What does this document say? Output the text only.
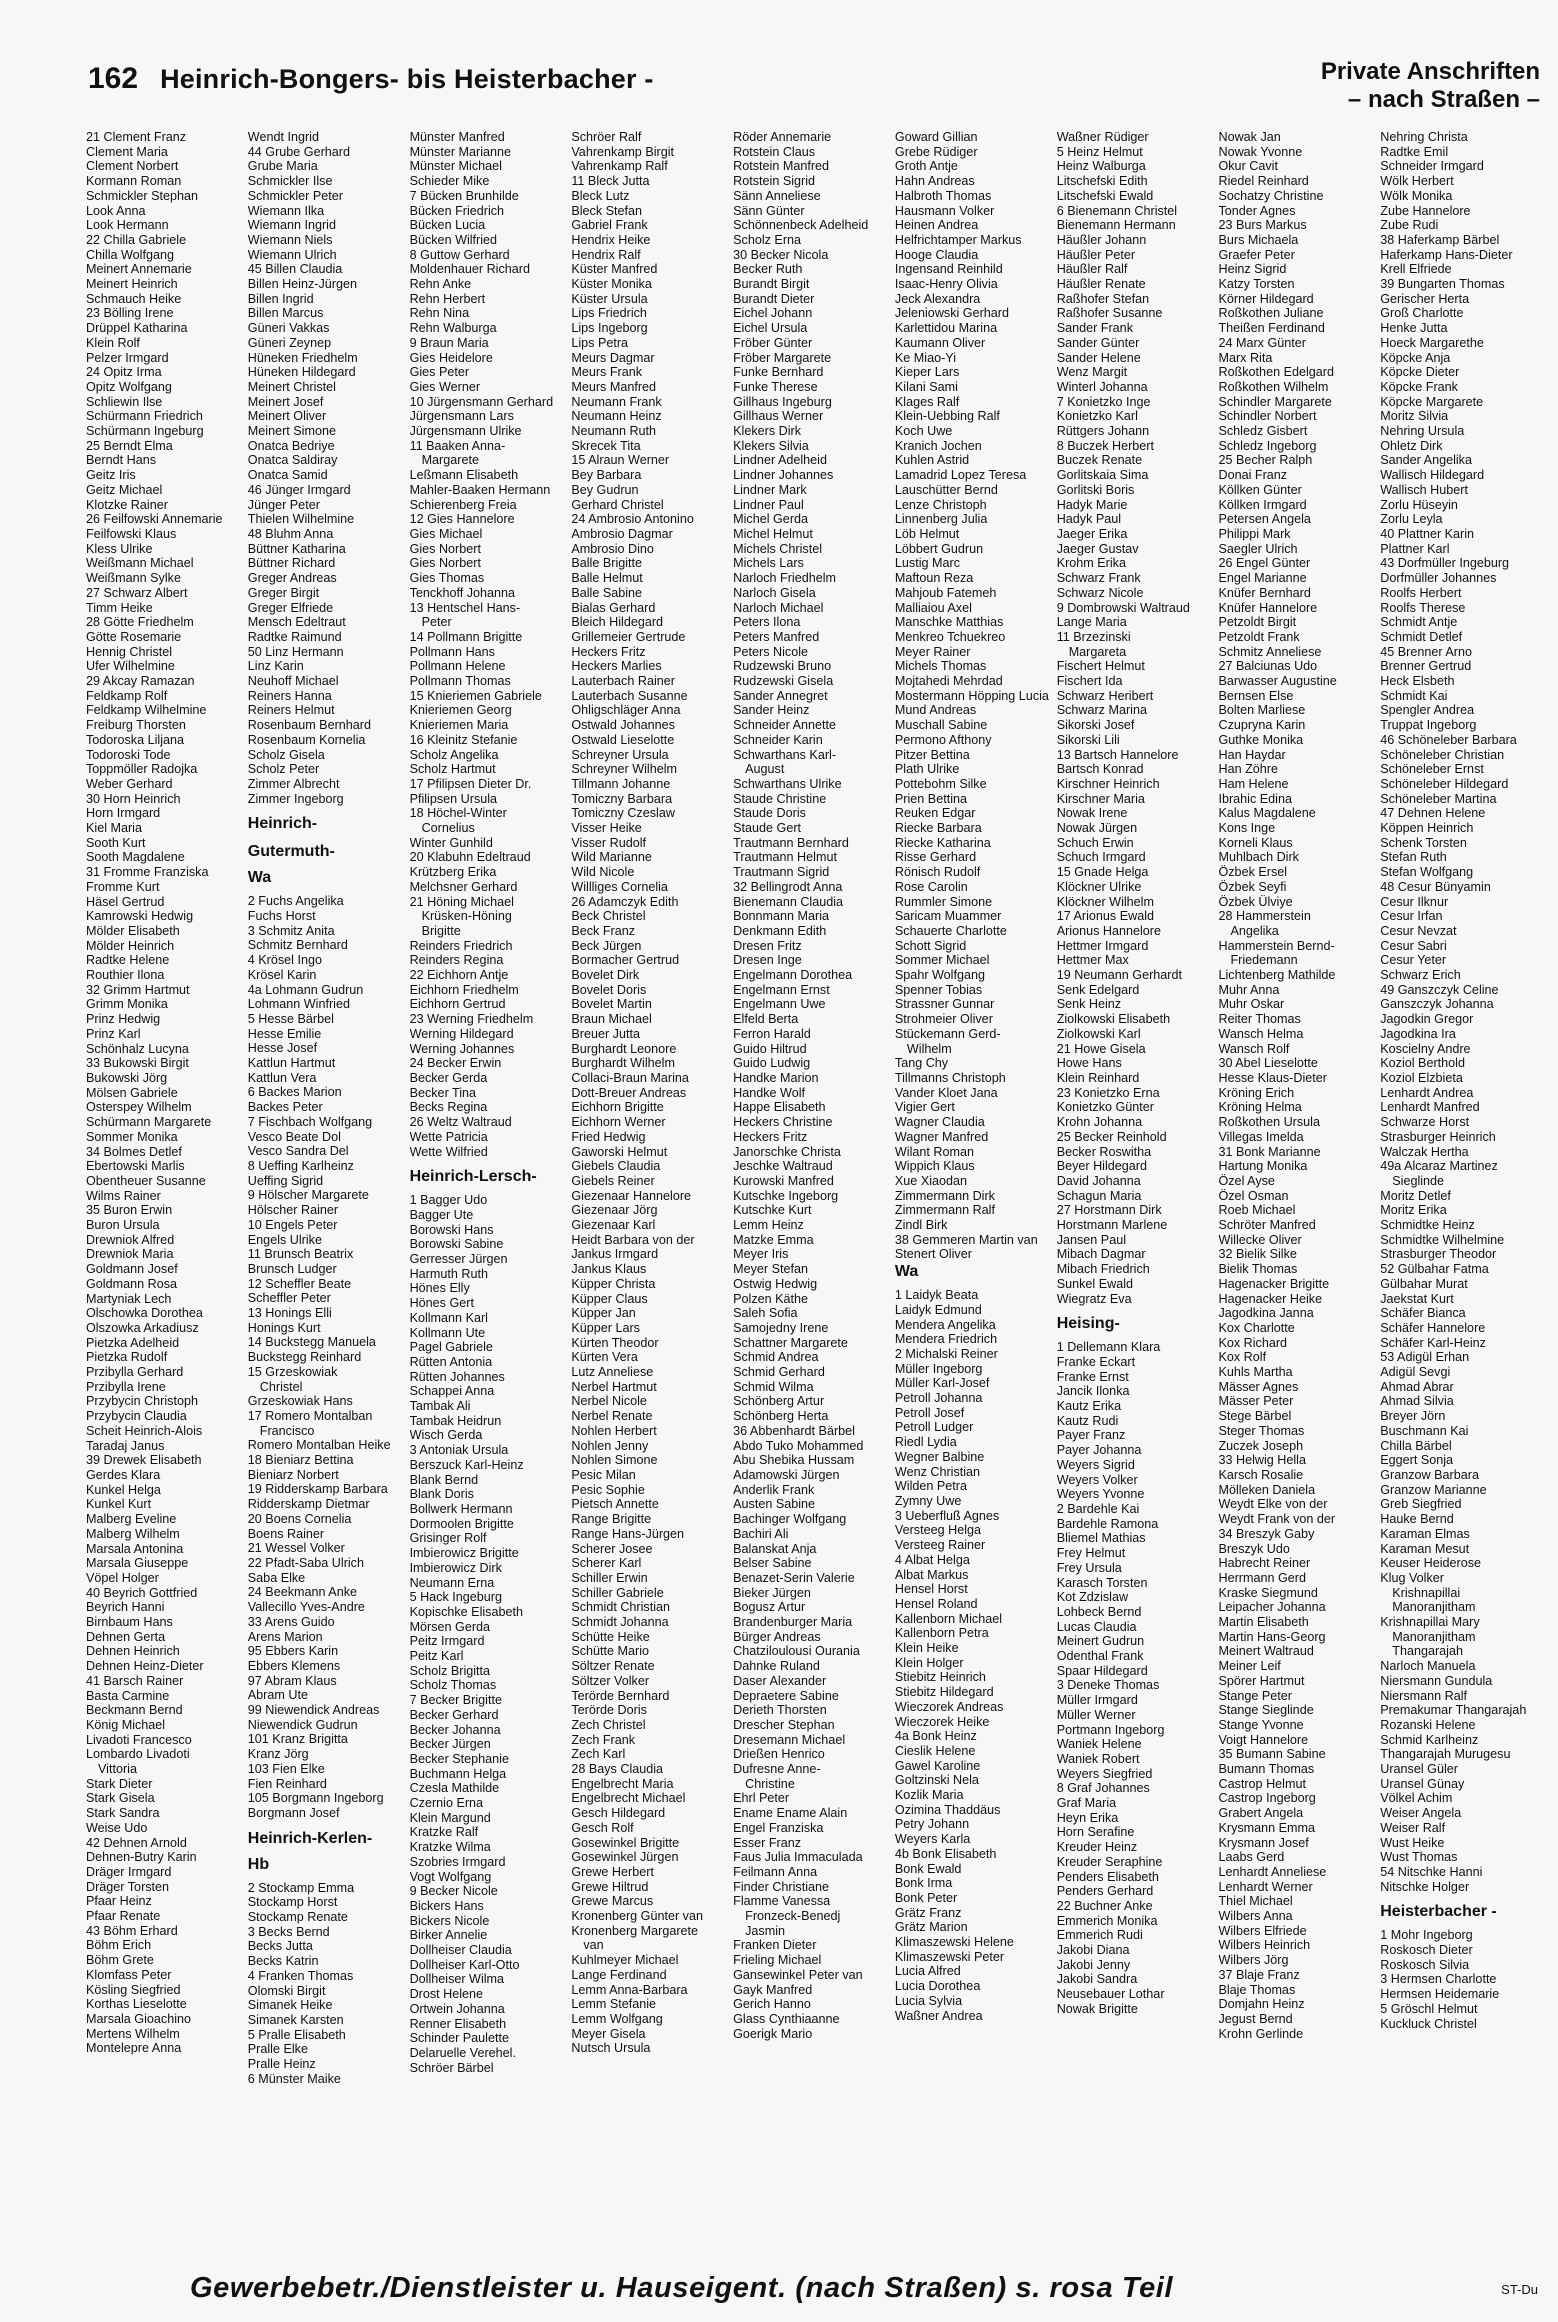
162 Heinrich-Bongers- bis Heisterbacher -	Private Anschriften
– nach Straßen –
21 Clement Franz
Clement Maria
Clement Norbert
Kormann Roman
Schmickler Stephan
Look Anna
Look Hermann
22 Chilla Gabriele
Chilla Wolfgang
Meinert Annemarie
Meinert Heinrich
Schmauch Heike
23 Bölling Irene
Drüppel Katharina
Klein Rolf
Pelzer Irmgard
24 Opitz Irma
Opitz Wolfgang
Schliewin Ilse
Schürmann Friedrich
Schürmann Ingeburg
25 Berndt Elma
Berndt Hans
Geitz Iris
Geitz Michael
Klotzke Rainer
26 Feilfowski Annemarie
Feilfowski Klaus
Kless Ulrike
Weißmann Michael
Weißmann Sylke
27 Schwarz Albert
Timm Heike
28 Götte Friedhelm
Götte Rosemarie
Hennig Christel
Ufer Wilhelmine
29 Akcay Ramazan
Feldkamp Rolf
Feldkamp Wilhelmine
Freiburg Thorsten
Todoroska Liljana
Todoroski Tode
Toppmöller Radojka
Weber Gerhard
30 Horn Heinrich
Horn Irmgard
Kiel Maria
Sooth Kurt
Sooth Magdalene
31 Fromme Franziska
Fromme Kurt
Häsel Gertrud
Kamrowski Hedwig
Mölder Elisabeth
Mölder Heinrich
Radtke Helene
Routhier Ilona
32 Grimm Hartmut
Grimm Monika
Prinz Hedwig
Prinz Karl
Schönhalz Lucyna
33 Bukowski Birgit
Bukowski Jörg
Mölsen Gabriele
Osterspey Wilhelm
Schürmann Margarete
Sommer Monika
34 Bolmes Detlef
Ebertowski Marlis
Obentheuer Susanne
Wilms Rainer
35 Buron Erwin
Buron Ursula
Drewniok Alfred
Drewniok Maria
Goldmann Josef
Goldmann Rosa
Martyniak Lech
Olschowka Dorothea
Olszowka Arkadiusz
Pietzka Adelheid
Pietzka Rudolf
Przibylla Gerhard
Przibylla Irene
Przybycin Christoph
Przybycin Claudia
Scheit Heinrich-Alois
Taradaj Janus
39 Drewek Elisabeth
Gerdes Klara
Kunkel Helga
Kunkel Kurt
Malberg Eveline
Malberg Wilhelm
Marsala Antonina
Marsala Giuseppe
Vöpel Holger
40 Beyrich Gottfried
Beyrich Hanni
Birnbaum Hans
Dehnen Gerta
Dehnen Heinrich
Dehnen Heinz-Dieter
41 Barsch Rainer
Basta Carmine
Beckmann Bernd
König Michael
Livadoti Francesco
Lombardo Livadoti
Vittoria
Stark Dieter
Stark Gisela
Stark Sandra
Weise Udo
42 Dehnen Arnold
Dehnen-Butry Karin
Dräger Irmgard
Dräger Torsten
Pfaar Heinz
Pfaar Renate
43 Böhm Erhard
Böhm Erich
Böhm Grete
Klomfass Peter
Kösling Siegfried
Korthas Lieselotte
Marsala Gioachino
Mertens Wilhelm
Montelepre Anna
Wendt Ingrid
44 Grube Gerhard
Grube Maria
Schmickler Ilse
Schmickler Peter
Wiemann Ilka
Wiemann Ingrid
Wiemann Niels
Wiemann Ulrich
45 Billen Claudia
Billen Heinz-Jürgen
Billen Ingrid
Billen Marcus
Güneri Vakkas
Güneri Zeynep
Hüneken Friedhelm
Hüneken Hildegard
Meinert Christel
Meinert Josef
Meinert Oliver
Meinert Simone
Onatca Bedriye
Onatca Saldiray
Onatca Samid
46 Jünger Irmgard
Jünger Peter
Thielen Wilhelmine
48 Bluhm Anna
Büttner Katharina
Büttner Richard
Greger Andreas
Greger Birgit
Greger Elfriede
Mensch Edeltraut
Radtke Raimund
50 Linz Hermann
Linz Karin
Neuhoff Michael
Reiners Hanna
Reiners Helmut
Rosenbaum Bernhard
Rosenbaum Kornelia
Scholz Gisela
Scholz Peter
Zimmer Albrecht
Zimmer Ingeborg
Heinrich-
Gutermuth-
Wa
2 Fuchs Angelika
Fuchs Horst
3 Schmitz Anita
Schmitz Bernhard
4 Krösel Ingo
Krösel Karin
4a Lohmann Gudrun
Lohmann Winfried
5 Hesse Bärbel
Hesse Emilie
Hesse Josef
Kattlun Hartmut
Kattlun Vera
6 Backes Marion
Backes Peter
7 Fischbach Wolfgang
Vesco Beate Dol
Vesco Sandra Del
8 Ueffing Karlheinz
Ueffing Sigrid
9 Hölscher Margarete
Hölscher Rainer
10 Engels Peter
Engels Ulrike
11 Brunsch Beatrix
Brunsch Ludger
12 Scheffler Beate
Scheffler Peter
13 Honings Elli
Honings Kurt
14 Buckstegg Manuela
Buckstegg Reinhard
15 Grzeskowiak
Christel
Grzeskowiak Hans
17 Romero Montalban
Francisco
Romero Montalban Heike
18 Bieniarz Bettina
Bieniarz Norbert
19 Ridderskamp Barbara
Ridderskamp Dietmar
20 Boens Cornelia
Boens Rainer
21 Wessel Volker
22 Pfadt-Saba Ulrich
Saba Elke
24 Beekmann Anke
Vallecillo Yves-Andre
33 Arens Guido
Arens Marion
95 Ebbers Karin
Ebbers Klemens
97 Abram Klaus
Abram Ute
99 Niewendick Andreas
Niewendick Gudrun
101 Kranz Brigitta
Kranz Jörg
103 Fien Elke
Fien Reinhard
105 Borgmann Ingeborg
Borgmann Josef
Heinrich-Kerlen-
Hb
2 Stockamp Emma
Stockamp Horst
Stockamp Renate
3 Becks Bernd
Becks Jutta
Becks Katrin
4 Franken Thomas
Olomski Birgit
Simanek Heike
Simanek Karsten
5 Pralle Elisabeth
Pralle Elke
Pralle Heinz
6 Münster Maike
Münster Manfred
Münster Marianne
Münster Michael
Schieder Mike
7 Bücken Brunhilde
Bücken Friedrich
Bücken Lucia
Bücken Wilfried
8 Guttow Gerhard
Moldenhauer Richard
Rehn Anke
Rehn Herbert
Rehn Nina
Rehn Walburga
9 Braun Maria
Gies Heidelore
Gies Peter
Gies Werner
10 Jürgensmann Gerhard
Jürgensmann Lars
Jürgensmann Ulrike
11 Baaken Anna-
Margarete
Leßmann Elisabeth
Mahler-Baaken Hermann
Schierenberg Freia
12 Gies Hannelore
Gies Michael
Gies Norbert
Gies Norbert
Gies Thomas
Tenckhoff Johanna
13 Hentschel Hans-
Peter
14 Pollmann Brigitte
Pollmann Hans
Pollmann Helene
Pollmann Thomas
15 Knieriemen Gabriele
Knieriemen Georg
Knieriemen Maria
16 Kleinitz Stefanie
Scholz Angelika
Scholz Hartmut
17 Pfilipsen Dieter Dr.
Pfilipsen Ursula
18 Höchel-Winter
Cornelius
Winter Gunhild
20 Klabuhn Edeltraud
Krützberg Erika
Melchsner Gerhard
21 Höning Michael
Krüsken-Höning
Brigitte
Reinders Friedrich
Reinders Regina
22 Eichhorn Antje
Eichhorn Friedhelm
Eichhorn Gertrud
23 Werning Friedhelm
Werning Hildegard
Werning Johannes
24 Becker Erwin
Becker Gerda
Becker Tina
Becks Regina
26 Weltz Waltraud
Wette Patricia
Wette Wilfried
Heinrich-Lersch-
1 Bagger Udo
Bagger Ute
Borowski Hans
Borowski Sabine
Gerresser Jürgen
Harmuth Ruth
Hönes Elly
Hönes Gert
Kollmann Karl
Kollmann Ute
Pagel Gabriele
Rütten Antonia
Rütten Johannes
Schappei Anna
Tambak Ali
Tambak Heidrun
Wisch Gerda
3 Antoniak Ursula
Berszuck Karl-Heinz
Blank Bernd
Blank Doris
Bollwerk Hermann
Dormoolen Brigitte
Grisinger Rolf
Imbierowicz Brigitte
Imbierowicz Dirk
Neumann Erna
5 Hack Ingeburg
Kopischke Elisabeth
Mörsen Gerda
Peitz Irmgard
Peitz Karl
Scholz Brigitta
Scholz Thomas
7 Becker Brigitte
Becker Gerhard
Becker Johanna
Becker Jürgen
Becker Stephanie
Buchmann Helga
Czesla Mathilde
Czernio Erna
Klein Margund
Kratzke Ralf
Kratzke Wilma
Szobries Irmgard
Vogt Wolfgang
9 Becker Nicole
Bickers Hans
Bickers Nicole
Birker Annelie
Dollheiser Claudia
Dollheiser Karl-Otto
Dollheiser Wilma
Drost Helene
Ortwein Johanna
Renner Elisabeth
Schinder Paulette
Delaruelle Verehel.
Schröer Bärbel
Schröer Ralf
Vahrenkamp Birgit
Vahrenkamp Ralf
11 Bleck Jutta
Bleck Lutz
Bleck Stefan
Gabriel Frank
Hendrix Heike
Hendrix Ralf
Küster Manfred
Küster Monika
Küster Ursula
Lips Friedrich
Lips Ingeborg
Lips Petra
Meurs Dagmar
Meurs Frank
Meurs Manfred
Neumann Frank
Neumann Heinz
Neumann Ruth
Skrecek Tita
15 Alraun Werner
Bey Barbara
Bey Gudrun
Gerhard Christel
24 Ambrosio Antonino
Ambrosio Dagmar
Ambrosio Dino
Balle Brigitte
Balle Helmut
Balle Sabine
Bialas Gerhard
Bleich Hildegard
Grillemeier Gertrude
Heckers Fritz
Heckers Marlies
Lauterbach Rainer
Lauterbach Susanne
Ohligschläger Anna
Ostwald Johannes
Ostwald Lieselotte
Schreyner Ursula
Schreyner Wilhelm
Tillmann Johanne
Tomiczny Barbara
Tomiczny Czeslaw
Visser Heike
Visser Rudolf
Wild Marianne
Wild Nicole
Willliges Cornelia
26 Adamczyk Edith
Beck Christel
Beck Franz
Beck Jürgen
Bormacher Gertrud
Bovelet Dirk
Bovelet Doris
Bovelet Martin
Braun Michael
Breuer Jutta
Burghardt Leonore
Burghardt Wilhelm
Collaci-Braun Marina
Dott-Breuer Andreas
Eichhorn Brigitte
Eichhorn Werner
Fried Hedwig
Gaworski Helmut
Giebels Claudia
Giebels Reiner
Giezenaar Hannelore
Giezenaar Jörg
Giezenaar Karl
Heidt Barbara von der
Jankus Irmgard
Jankus Klaus
Küpper Christa
Küpper Claus
Küpper Jan
Küpper Lars
Kürten Theodor
Kürten Vera
Lutz Anneliese
Nerbel Hartmut
Nerbel Nicole
Nerbel Renate
Nohlen Herbert
Nohlen Jenny
Nohlen Simone
Pesic Milan
Pesic Sophie
Pietsch Annette
Range Brigitte
Range Hans-Jürgen
Scherer Josee
Scherer Karl
Schiller Erwin
Schiller Gabriele
Schmidt Christian
Schmidt Johanna
Schütte Heike
Schütte Mario
Söltzer Renate
Söltzer Volker
Terörde Bernhard
Terörde Doris
Zech Christel
Zech Frank
Zech Karl
28 Bays Claudia
Engelbrecht Maria
Engelbrecht Michael
Gesch Hildegard
Gesch Rolf
Gosewinkel Brigitte
Gosewinkel Jürgen
Grewe Herbert
Grewe Hiltrud
Grewe Marcus
Kronenberg Günter van
Kronenberg Margarete
van
Kuhlmeyer Michael
Lange Ferdinand
Lemm Anna-Barbara
Lemm Stefanie
Lemm Wolfgang
Meyer Gisela
Nutsch Ursula
Röder Annemarie
Rotstein Claus
Rotstein Manfred
Rotstein Sigrid
Sänn Anneliese
Sänn Günter
Schönnenbeck Adelheid
Scholz Erna
30 Becker Nicola
Becker Ruth
Burandt Birgit
Burandt Dieter
Eichel Johann
Eichel Ursula
Fröber Günter
Fröber Margarete
Funke Bernhard
Funke Therese
Gillhaus Ingeburg
Gillhaus Werner
Klekers Dirk
Klekers Silvia
Lindner Adelheid
Lindner Johannes
Lindner Mark
Lindner Paul
Michel Gerda
Michel Helmut
Michels Christel
Michels Lars
Narloch Friedhelm
Narloch Gisela
Narloch Michael
Peters Ilona
Peters Manfred
Peters Nicole
Rudzewski Bruno
Rudzewski Gisela
Sander Annegret
Sander Heinz
Schneider Annette
Schneider Karin
Schwarthans Karl-
August
Schwarthans Ulrike
Staude Christine
Staude Doris
Staude Gert
Trautmann Bernhard
Trautmann Helmut
Trautmann Sigrid
32 Bellingrodt Anna
Bienemann Claudia
Bonnmann Maria
Denkmann Edith
Dresen Fritz
Dresen Inge
Engelmann Dorothea
Engelmann Ernst
Engelmann Uwe
Elfeld Berta
Ferron Harald
Guido Hiltrud
Guido Ludwig
Handke Marion
Handke Wolf
Happe Elisabeth
Heckers Christine
Heckers Fritz
Janorschke Christa
Jeschke Waltraud
Kurowski Manfred
Kutschke Ingeborg
Kutschke Kurt
Lemm Heinz
Matzke Emma
Meyer Iris
Meyer Stefan
Ostwig Hedwig
Polzen Käthe
Saleh Sofia
Samojedny Irene
Schattner Margarete
Schmid Andrea
Schmid Gerhard
Schmid Wilma
Schönberg Artur
Schönberg Herta
36 Abbenhardt Bärbel
Abdo Tuko Mohammed
Abu Shebika Hussam
Adamowski Jürgen
Anderlik Frank
Austen Sabine
Bachinger Wolfgang
Bachiri Ali
Balanskat Anja
Belser Sabine
Benazet-Serin Valerie
Bieker Jürgen
Bogusz Artur
Brandenburger Maria
Bürger Andreas
Chatziloulousi Ourania
Dahnke Ruland
Daser Alexander
Depraetere Sabine
Derieth Thorsten
Drescher Stephan
Dresemann Michael
Drießen Henrico
Dufresne Anne-
Christine
Ehrl Peter
Ename Ename Alain
Engel Franziska
Esser Franz
Faus Julia Immaculada
Feilmann Anna
Finder Christiane
Flamme Vanessa
Fronzeck-Benedj
Jasmin
Franken Dieter
Frieling Michael
Gansewinkel Peter van
Gayk Manfred
Gerich Hanno
Glass Cynthiaanne
Goerigk Mario
Goward Gillian
Grebe Rüdiger
Groth Antje
Hahn Andreas
Halbroth Thomas
Hausmann Volker
Heinen Andrea
Helfrichtamper Markus
Hooge Claudia
Ingensand Reinhild
Isaac-Henry Olivia
Jeck Alexandra
Jeleniowski Gerhard
Karlettidou Marina
Kaumann Oliver
Ke Miao-Yi
Kieper Lars
Kilani Sami
Klages Ralf
Klein-Uebbing Ralf
Koch Uwe
Kranich Jochen
Kuhlen Astrid
Lamadrid Lopez Teresa
Lauschütter Bernd
Lenze Christoph
Linnenberg Julia
Löb Helmut
Löbbert Gudrun
Lustig Marc
Maftoun Reza
Mahjoub Fatemeh
Malliaiou Axel
Manschke Matthias
Menkreo Tchuekreo
Meyer Rainer
Michels Thomas
Mojtahedi Mehrdad
Mostermann Höpping Lucia
Mund Andreas
Muschall Sabine
Permono Afthony
Pitzer Bettina
Plath Ulrike
Pottebohm Silke
Prien Bettina
Reuken Edgar
Riecke Barbara
Riecke Katharina
Risse Gerhard
Rönisch Rudolf
Rose Carolin
Rummler Simone
Saricam Muammer
Schauerte Charlotte
Schott Sigrid
Sommer Michael
Spahr Wolfgang
Spenner Tobias
Strassner Gunnar
Strohmeier Oliver
Stückemann Gerd-
Wilhelm
Tang Chy
Tillmanns Christoph
Vander Kloet Jana
Vigier Gert
Wagner Claudia
Wagner Manfred
Wilant Roman
Wippich Klaus
Xue Xiaodan
Zimmermann Dirk
Zimmermann Ralf
Zindl Birk
38 Gemmeren Martin van
Stenert Oliver
Wa
1 Laidyk Beata
Laidyk Edmund
Mendera Angelika
Mendera Friedrich
2 Michalski Reiner
Müller Ingeborg
Müller Karl-Josef
Petroll Johanna
Petroll Josef
Petroll Ludger
Riedl Lydia
Wegner Balbine
Wenz Christian
Wilden Petra
Zymny Uwe
3 Ueberfluß Agnes
Versteeg Helga
Versteeg Rainer
4 Albat Helga
Albat Markus
Hensel Horst
Hensel Roland
Kallenborn Michael
Kallenborn Petra
Klein Heike
Klein Holger
Stiebitz Heinrich
Stiebitz Hildegard
Wieczorek Andreas
Wieczorek Heike
4a Bonk Heinz
Cieslik Helene
Gawel Karoline
Goltzinski Nela
Kozlik Maria
Ozimina Thaddäus
Petry Johann
Weyers Karla
4b Bonk Elisabeth
Bonk Ewald
Bonk Irma
Bonk Peter
Grätz Franz
Grätz Marion
Klimaszewski Helene
Klimaszewski Peter
Lucia Alfred
Lucia Dorothea
Lucia Sylvia
Waßner Andrea
Waßner Rüdiger
5 Heinz Helmut
Heinz Walburga
Litschefski Edith
Litschefski Ewald
6 Bienemann Christel
Bienemann Hermann
Häußler Johann
Häußler Peter
Häußler Ralf
Häußler Renate
Raßhofer Stefan
Raßhofer Susanne
Sander Frank
Sander Günter
Sander Helene
Wenz Margit
Winterl Johanna
7 Konietzko Inge
Konietzko Karl
Rüttgers Johann
8 Buczek Herbert
Buczek Renate
Gorlitskaia Sima
Gorlitski Boris
Hadyk Marie
Hadyk Paul
Jaeger Erika
Jaeger Gustav
Krohm Erika
Schwarz Frank
Schwarz Nicole
9 Dombrowski Waltraud
Lange Maria
11 Brzezinski
Margareta
Fischert Helmut
Fischert Ida
Schwarz Heribert
Schwarz Marina
Sikorski Josef
Sikorski Lili
13 Bartsch Hannelore
Bartsch Konrad
Kirschner Heinrich
Kirschner Maria
Nowak Irene
Nowak Jürgen
Schuch Erwin
Schuch Irmgard
15 Gnade Helga
Klöckner Ulrike
Klöckner Wilhelm
17 Arionus Ewald
Arionus Hannelore
Hettmer Irmgard
Hettmer Max
19 Neumann Gerhardt
Senk Edelgard
Senk Heinz
Ziolkowski Elisabeth
Ziolkowski Karl
21 Howe Gisela
Howe Hans
Klein Reinhard
23 Konietzko Erna
Konietzko Günter
Krohn Johanna
25 Becker Reinhold
Becker Roswitha
Beyer Hildegard
David Johanna
Schagun Maria
27 Horstmann Dirk
Horstmann Marlene
Jansen Paul
Mibach Dagmar
Mibach Friedrich
Sunkel Ewald
Wiegratz Eva
Heising-
1 Dellemann Klara
Franke Eckart
Franke Ernst
Jancik Ilonka
Kautz Erika
Kautz Rudi
Payer Franz
Payer Johanna
Weyers Sigrid
Weyers Volker
Weyers Yvonne
2 Bardehle Kai
Bardehle Ramona
Bliemel Mathias
Frey Helmut
Frey Ursula
Karasch Torsten
Kot Zdzislaw
Lohbeck Bernd
Lucas Claudia
Meinert Gudrun
Odenthal Frank
Spaar Hildegard
3 Deneke Thomas
Müller Irmgard
Müller Werner
Portmann Ingeborg
Waniek Helene
Waniek Robert
Weyers Siegfried
8 Graf Johannes
Graf Maria
Heyn Erika
Horn Serafine
Kreuder Heinz
Kreuder Seraphine
Penders Elisabeth
Penders Gerhard
22 Buchner Anke
Emmerich Monika
Emmerich Rudi
Jakobi Diana
Jakobi Jenny
Jakobi Sandra
Neusebauer Lothar
Nowak Brigitte
Nowak Jan
Nowak Yvonne
Okur Cavit
Riedel Reinhard
Sochatzy Christine
Tonder Agnes
23 Burs Markus
Burs Michaela
Graefer Peter
Heinz Sigrid
Katzy Torsten
Körner Hildegard
Roßkothen Juliane
Theißen Ferdinand
24 Marx Günter
Marx Rita
Roßkothen Edelgard
Roßkothen Wilhelm
Schindler Margarete
Schindler Norbert
Schledz Gisbert
Schledz Ingeborg
25 Becher Ralph
Donai Franz
Köllken Günter
Köllken Irmgard
Petersen Angela
Philippi Mark
Saegler Ulrich
26 Engel Günter
Engel Marianne
Knüfer Bernhard
Knüfer Hannelore
Petzoldt Birgit
Petzoldt Frank
Schmitz Anneliese
27 Balciunas Udo
Barwasser Augustine
Bernsen Else
Bolten Marliese
Czupryna Karin
Guthke Monika
Han Haydar
Han Zöhre
Ham Helene
Ibrahic Edina
Kalus Magdalene
Kons Inge
Korneli Klaus
Muhlbach Dirk
Özbek Ersel
Özbek Seyfi
Özbek Ülviye
28 Hammerstein
Angelika
Hammerstein Bernd-
Friedemann
Lichtenberg Mathilde
Muhr Anna
Muhr Oskar
Reiter Thomas
Wansch Helma
Wansch Rolf
30 Abel Lieselotte
Hesse Klaus-Dieter
Kröning Erich
Kröning Helma
Roßkothen Ursula
Villegas Imelda
31 Bonk Marianne
Hartung Monika
Özel Ayse
Özel Osman
Roeb Michael
Schröter Manfred
Willecke Oliver
32 Bielik Silke
Bielik Thomas
Hagenacker Brigitte
Hagenacker Heike
Jagodkina Janna
Kox Charlotte
Kox Richard
Kox Rolf
Kuhls Martha
Mässer Agnes
Mässer Peter
Stege Bärbel
Steger Thomas
Zuczek Joseph
33 Helwig Hella
Karsch Rosalie
Mölleken Daniela
Weydt Elke von der
Weydt Frank von der
34 Breszyk Gaby
Breszyk Udo
Habrecht Reiner
Herrmann Gerd
Kraske Siegmund
Leipacher Johanna
Martin Elisabeth
Martin Hans-Georg
Meinert Waltraud
Meiner Leif
Spörer Hartmut
Stange Peter
Stange Sieglinde
Stange Yvonne
Voigt Hannelore
35 Bumann Sabine
Bumann Thomas
Castrop Helmut
Castrop Ingeborg
Grabert Angela
Krysmann Emma
Krysmann Josef
Laabs Gerd
Lenhardt Anneliese
Lenhardt Werner
Thiel Michael
Wilbers Anna
Wilbers Elfriede
Wilbers Heinrich
Wilbers Jörg
37 Blaje Franz
Blaje Thomas
Domjahn Heinz
Jegust Bernd
Krohn Gerlinde
Nehring Christa
Radtke Emil
Schneider Irmgard
Wölk Herbert
Wölk Monika
Zube Hannelore
Zube Rudi
38 Haferkamp Bärbel
Haferkamp Hans-Dieter
Krell Elfriede
39 Bungarten Thomas
Gerischer Herta
Groß Charlotte
Henke Jutta
Hoeck Margarethe
Köpcke Anja
Köpcke Dieter
Köpcke Frank
Köpcke Margarete
Moritz Silvia
Nehring Ursula
Ohletz Dirk
Sander Angelika
Wallisch Hildegard
Wallisch Hubert
Zorlu Hüseyin
Zorlu Leyla
40 Plattner Karin
Plattner Karl
43 Dorfmüller Ingeburg
Dorfmüller Johannes
Roolfs Herbert
Roolfs Therese
Schmidt Antje
Schmidt Detlef
45 Brenner Arno
Brenner Gertrud
Heck Elsbeth
Schmidt Kai
Spengler Andrea
Truppat Ingeborg
46 Schöneleber Barbara
Schöneleber Christian
Schöneleber Ernst
Schöneleber Hildegard
Schöneleber Martina
47 Dehnen Helene
Köppen Heinrich
Schenk Torsten
Stefan Ruth
Stefan Wolfgang
48 Cesur Bünyamin
Cesur Ilknur
Cesur Irfan
Cesur Nevzat
Cesur Sabri
Cesur Yeter
Schwarz Erich
49 Ganszczyk Celine
Ganszczyk Johanna
Jagodkin Gregor
Jagodkina Ira
Koscielny Andre
Koziol Berthold
Koziol Elzbieta
Lenhardt Andrea
Lenhardt Manfred
Schwarze Horst
Strasburger Heinrich
Walczak Hertha
49a Alcaraz Martinez
Sieglinde
Moritz Detlef
Moritz Erika
Schmidtke Heinz
Schmidtke Wilhelmine
Strasburger Theodor
52 Gülbahar Fatma
Gülbahar Murat
Jaekstat Kurt
Schäfer Bianca
Schäfer Hannelore
Schäfer Karl-Heinz
53 Adigül Erhan
Adigül Sevgi
Ahmad Abrar
Ahmad Silvia
Breyer Jörn
Buschmann Kai
Chilla Bärbel
Eggert Sonja
Granzow Barbara
Granzow Marianne
Greb Siegfried
Hauke Bernd
Karaman Elmas
Karaman Mesut
Keuser Heiderose
Klug Volker
Krishnapillai
Manoranjitham
Krishnapillai Mary
Manoranjitham
Thangarajah
Narloch Manuela
Niersmann Gundula
Niersmann Ralf
Premakumar Thangarajah
Rozanski Helene
Schmid Karlheinz
Thangarajah Murugesu
Uransel Güler
Uransel Günay
Völkel Achim
Weiser Angela
Weiser Ralf
Wust Heike
Wust Thomas
54 Nitschke Hanni
Nitschke Holger
Heisterbacher -
1 Mohr Ingeborg
Roskosch Dieter
Roskosch Silvia
3 Hermsen Charlotte
Hermsen Heidemarie
5 Gröschl Helmut
Kuckluck Christel
Gewerbebetr./Dienstleister u. Hauseigent. (nach Straßen) s. rosa Teil	ST-Du
